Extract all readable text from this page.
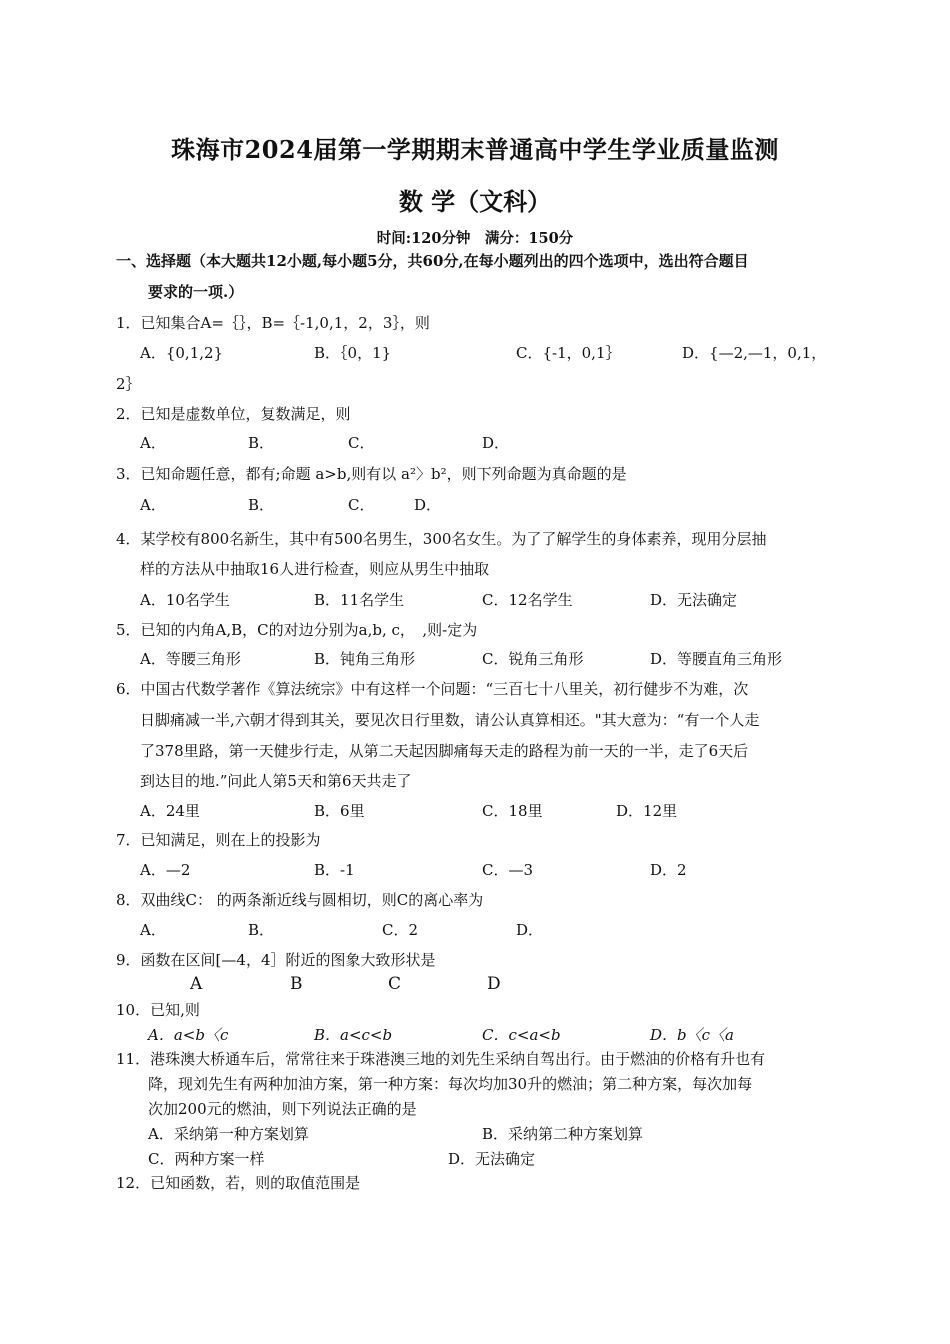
珠海市2024届第一学期期末普通高中学生学业质量监测
数 学（文科）
时间:120分钟　满分：150分
一、选择题（本大题共12小题,每小题5分，共60分,在每小题列出的四个选项中，选出符合题目
要求的一项.）
1．已知集合A=｛｝，B=｛-1,0,1，2，3｝，则
A．{0,1,2}	B．｛0，1}	C．{-1，0,1｝	D．{—2,—1，0,1，
2｝
2．已知是虚数单位，复数满足，则
A．	B．	C．	D．
3．已知命题任意，都有;命题 a>b,则有以 a²〉b²，则下列命题为真命题的是
A．	B．	C．	D．
4．某学校有800名新生，其中有500名男生，300名女生。为了了解学生的身体素养，现用分层抽
样的方法从中抽取16人进行检查，则应从男生中抽取
A．10名学生	B．11名学生	C．12名学生	D．无法确定
5．已知的内角A,B，C的对边分别为a,b, c，　,则-定为
A．等腰三角形	B．钝角三角形	C．锐角三角形	D．等腰直角三角形
6．中国古代数学著作《算法统宗》中有这样一个问题：“三百七十八里关，初行健步不为难，次
日脚痛减一半,六朝才得到其关，要见次日行里数，请公认真算相还。"其大意为：“有一个人走
了378里路，第一天健步行走，从第二天起因脚痛每天走的路程为前一天的一半，走了6天后
到达目的地.”问此人第5天和第6天共走了
A．24里	B．6里	C．18里	D．12里
7．已知满足，则在上的投影为
A．—2	B．-1	C．—3	D．2
8．双曲线C： 的两条渐近线与圆相切，则C的离心率为
A．	B．	C．2	D．
9．函数在区间[—4，4］附近的图象大致形状是
A	B	C	D
10．已知,则
A．a<b〈c	B．a<c<b	C．c<a<b	D．b〈c〈a
11．港珠澳大桥通车后，常常往来于珠港澳三地的刘先生采纳自驾出行。由于燃油的价格有升也有
降，现刘先生有两种加油方案，第一种方案：每次均加30升的燃油；第二种方案，每次加每
次加200元的燃油，则下列说法正确的是
A．采纳第一种方案划算	B．采纳第二种方案划算
C．两种方案一样	D．无法确定
12．已知函数，若，则的取值范围是
